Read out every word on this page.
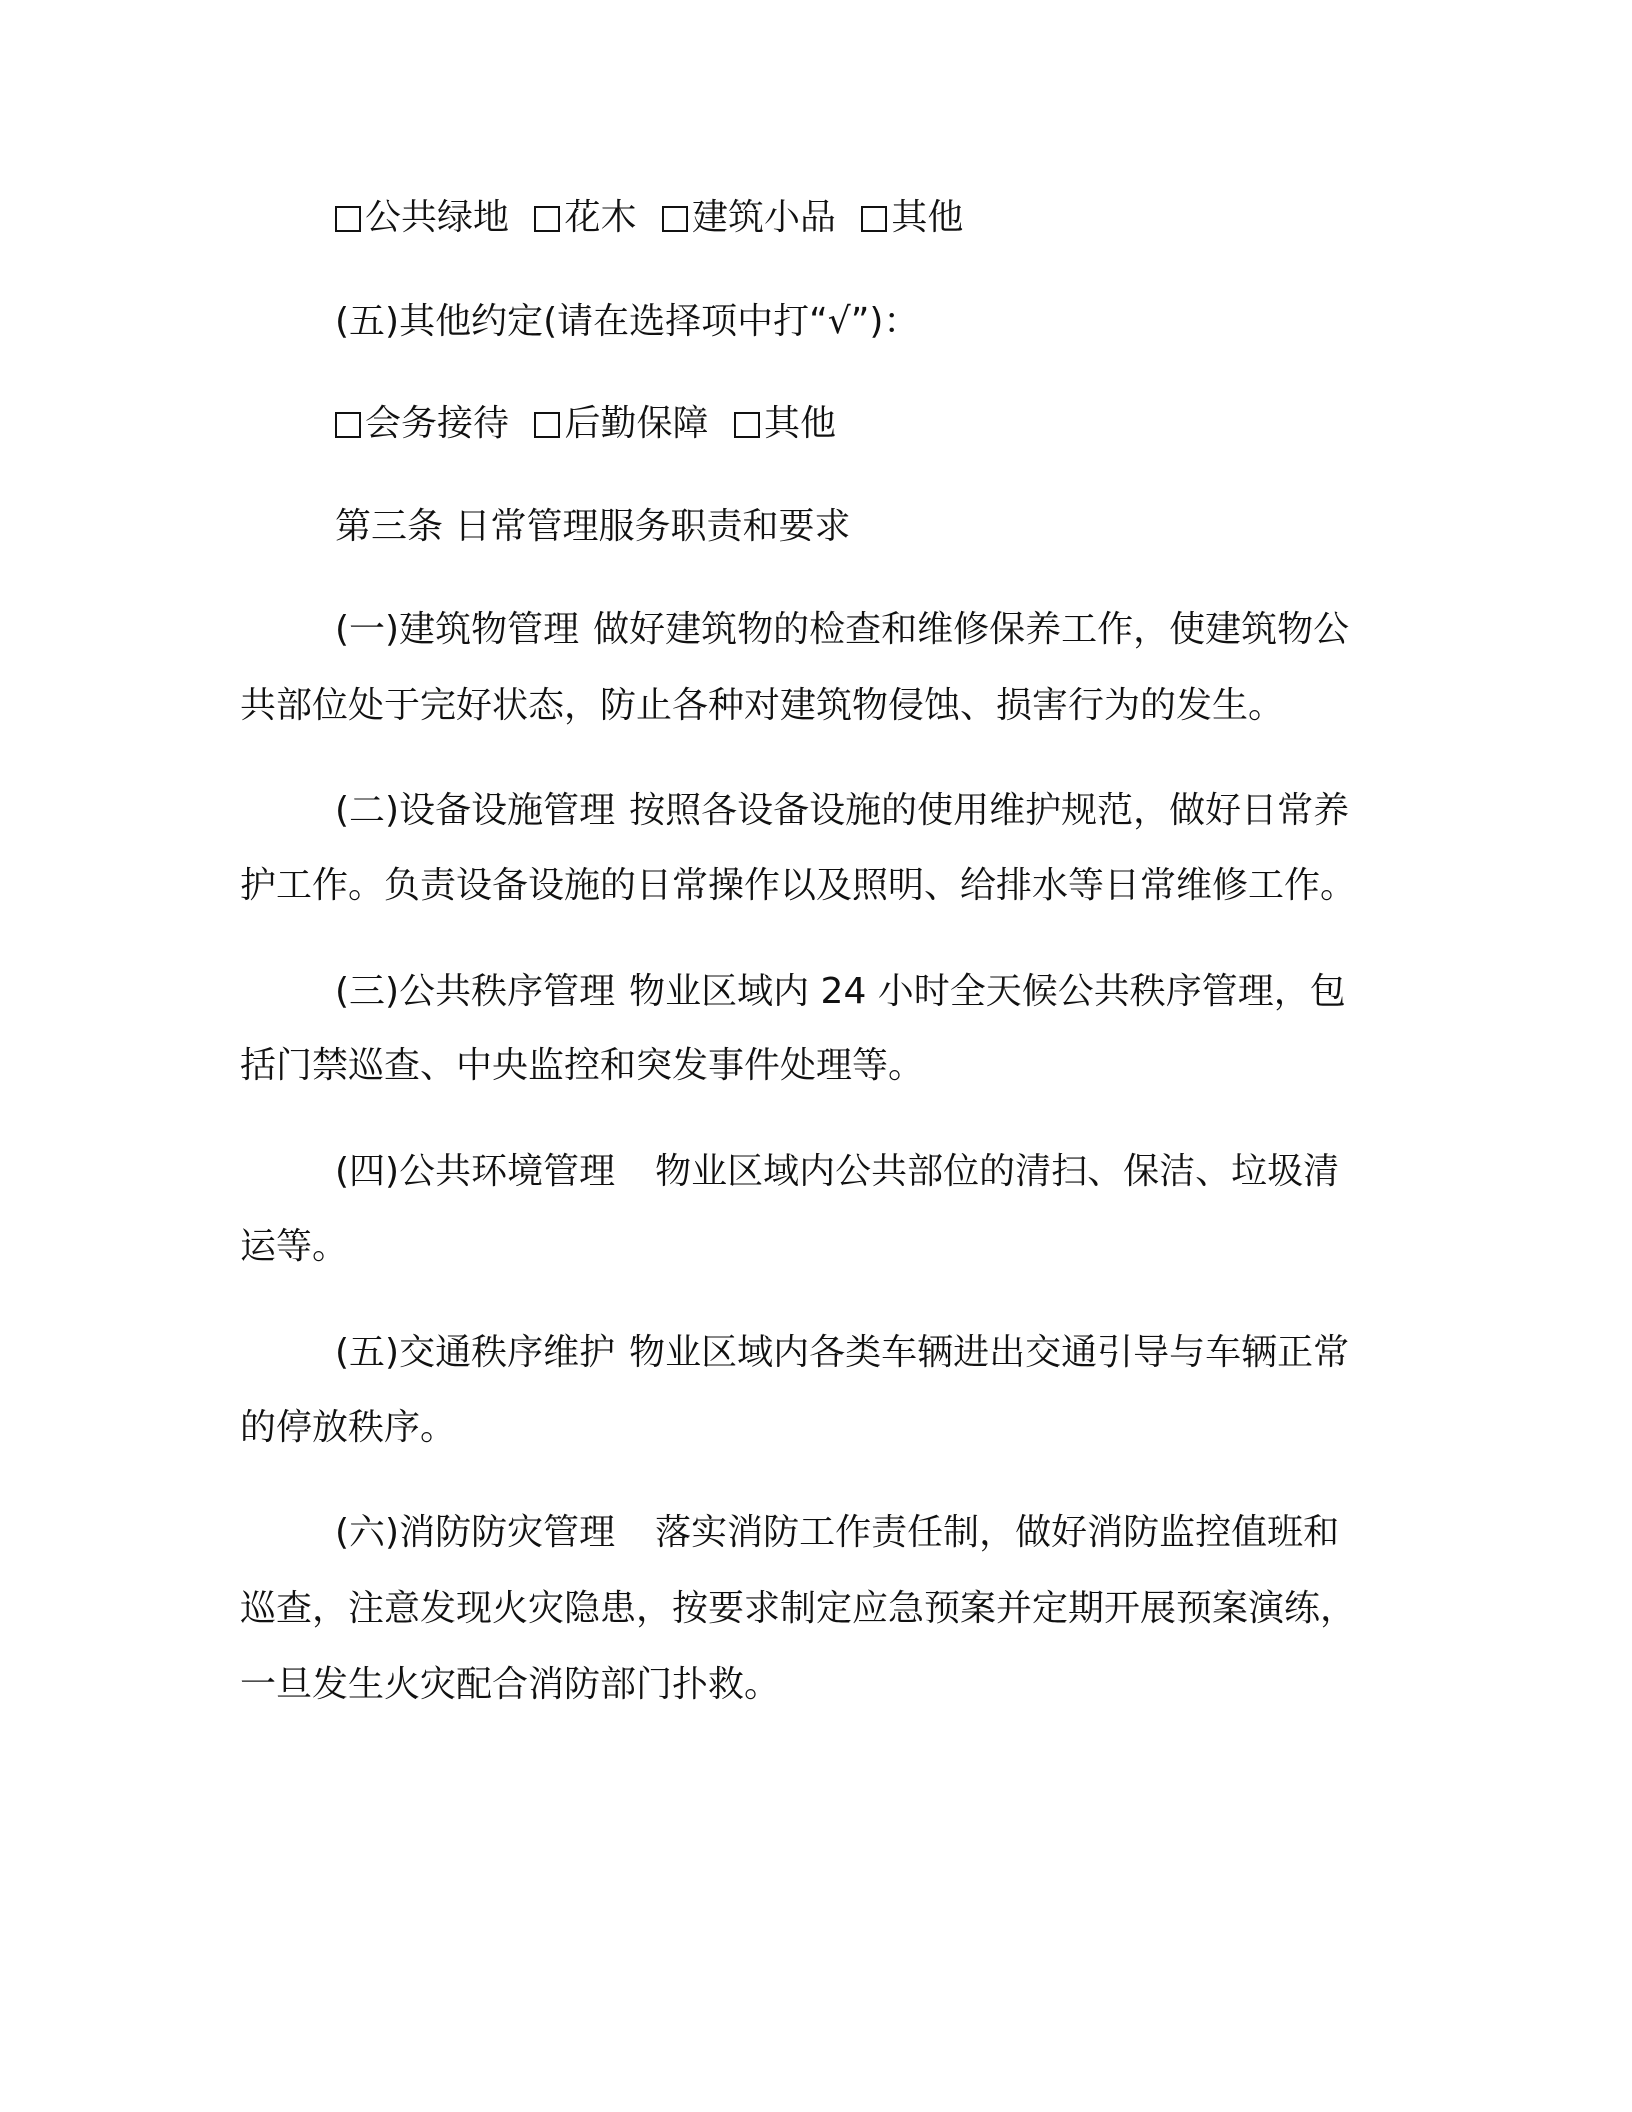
公共绿地 花木 建筑小品 其他
(五)其他约定(请在选择项中打“√”)：
会务接待 后勤保障 其他
第三条 日常管理服务职责和要求
(一)建筑物管理 做好建筑物的检查和维修保养工作，使建筑物公
共部位处于完好状态，防止各种对建筑物侵蚀、损害行为的发生。
(二)设备设施管理 按照各设备设施的使用维护规范，做好日常养
护工作。负责设备设施的日常操作以及照明、给排水等日常维修工作。
(三)公共秩序管理 物业区域内 24 小时全天候公共秩序管理，包
括门禁巡查、中央监控和突发事件处理等。
(四)公共环境管理 物业区域内公共部位的清扫、保洁、垃圾清
运等。
(五)交通秩序维护 物业区域内各类车辆进出交通引导与车辆正常
的停放秩序。
(六)消防防灾管理 落实消防工作责任制，做好消防监控值班和
巡查，注意发现火灾隐患，按要求制定应急预案并定期开展预案演练，
一旦发生火灾配合消防部门扑救。
